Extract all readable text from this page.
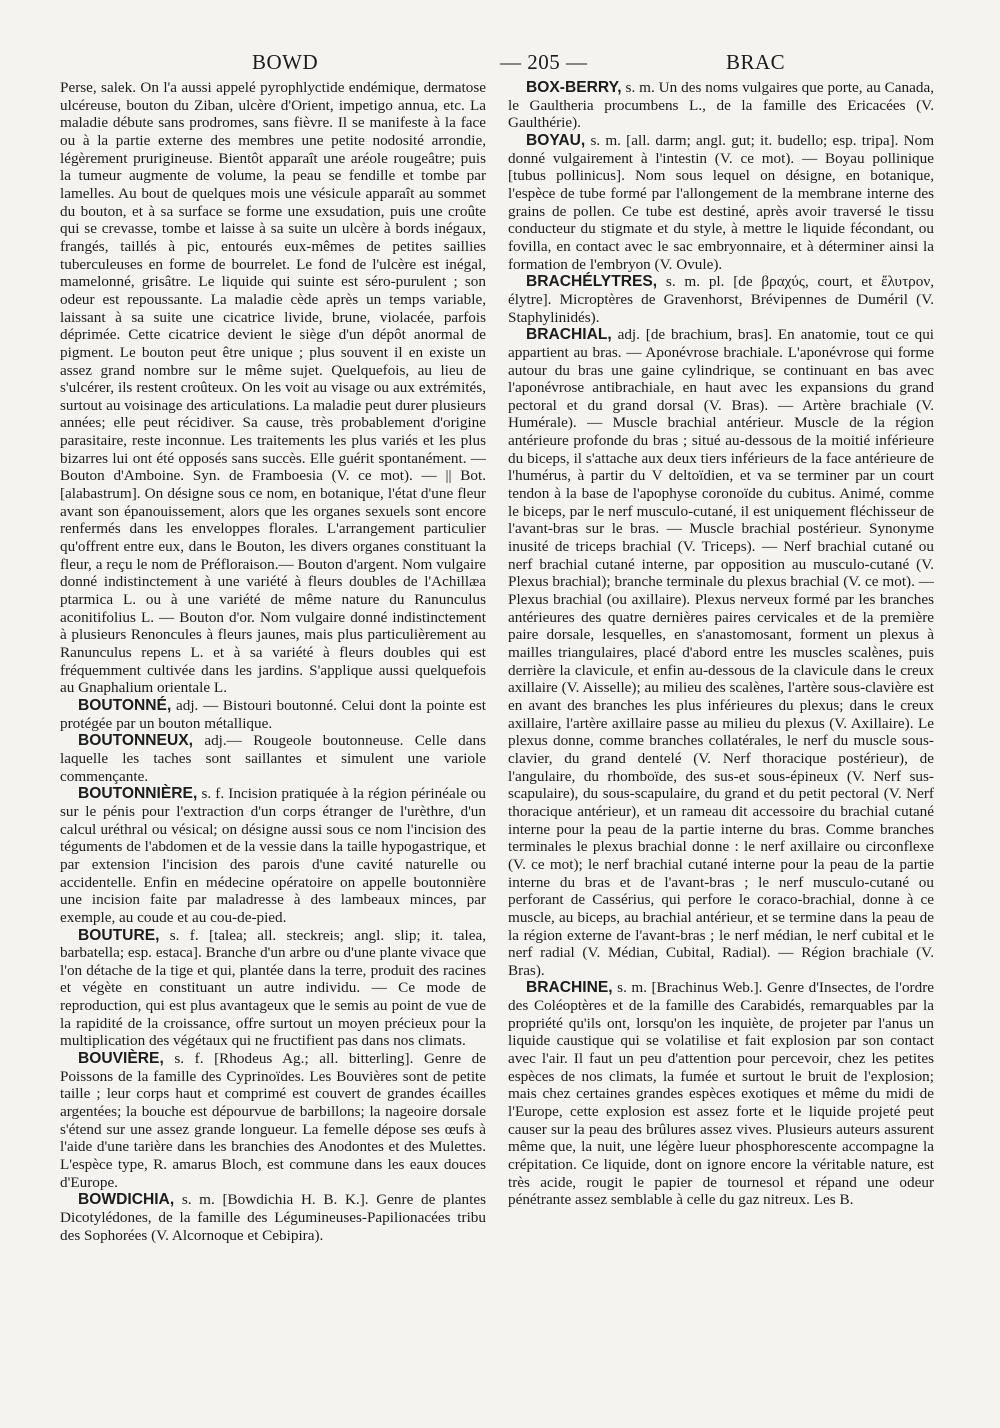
BOWD	— 205 —	BRAC

Perse, salek. On l'a aussi appelé pyrophlyctide endémique, dermatose ulcéreuse, bouton du Ziban, ulcère d'Orient, impetigo annua, etc. La maladie débute sans prodromes, sans fièvre. Il se manifeste à la face ou à la partie externe des membres une petite nodosité arrondie, légèrement prurigineuse. Bientôt apparaît une aréole rougeâtre; puis la tumeur augmente de volume, la peau se fendille et tombe par lamelles. Au bout de quelques mois une vésicule apparaît au sommet du bouton, et à sa surface se forme une exsudation, puis une croûte qui se crevasse, tombe et laisse à sa suite un ulcère à bords inégaux, frangés, taillés à pic, entourés eux-mêmes de petites saillies tuberculeuses en forme de bourrelet. Le fond de l'ulcère est inégal, mamelonné, grisâtre. Le liquide qui suinte est séro-purulent ; son odeur est repoussante. La maladie cède après un temps variable, laissant à sa suite une cicatrice livide, brune, violacée, parfois déprimée. Cette cicatrice devient le siège d'un dépôt anormal de pigment. Le bouton peut être unique ; plus souvent il en existe un assez grand nombre sur le même sujet. Quelquefois, au lieu de s'ulcérer, ils restent croûteux. On les voit au visage ou aux extrémités, surtout au voisinage des articulations. La maladie peut durer plusieurs années; elle peut récidiver. Sa cause, très probablement d'origine parasitaire, reste inconnue. Les traitements les plus variés et les plus bizarres lui ont été opposés sans succès. Elle guérit spontanément. — Bouton d'Amboine. Syn. de Framboesia (V. ce mot). — || Bot. [alabastrum]. On désigne sous ce nom, en botanique, l'état d'une fleur avant son épanouissement, alors que les organes sexuels sont encore renfermés dans les enveloppes florales. L'arrangement particulier qu'offrent entre eux, dans le Bouton, les divers organes constituant la fleur, a reçu le nom de Préfloraison.— Bouton d'argent. Nom vulgaire donné indistinctement à une variété à fleurs doubles de l'Achillæa ptarmica L. ou à une variété de même nature du Ranunculus aconitifolius L. — Bouton d'or. Nom vulgaire donné indistinctement à plusieurs Renoncules à fleurs jaunes, mais plus particulièrement au Ranunculus repens L. et à sa variété à fleurs doubles qui est fréquemment cultivée dans les jardins. S'applique aussi quelquefois au Gnaphalium orientale L.

BOUTONNÉ, adj. — Bistouri boutonné. Celui dont la pointe est protégée par un bouton métallique.

BOUTONNEUX, adj.— Rougeole boutonneuse. Celle dans laquelle les taches sont saillantes et simulent une variole commençante.

BOUTONNIÈRE, s. f. Incision pratiquée à la région périnéale ou sur le pénis pour l'extraction d'un corps étranger de l'urèthre, d'un calcul uréthral ou vésical; on désigne aussi sous ce nom l'incision des téguments de l'abdomen et de la vessie dans la taille hypogastrique, et par extension l'incision des parois d'une cavité naturelle ou accidentelle. Enfin en médecine opératoire on appelle boutonnière une incision faite par maladresse à des lambeaux minces, par exemple, au coude et au cou-de-pied.

BOUTURE, s. f. [talea; all. steckreis; angl. slip; it. talea, barbatella; esp. estaca]. Branche d'un arbre ou d'une plante vivace que l'on détache de la tige et qui, plantée dans la terre, produit des racines et végète en constituant un autre individu. — Ce mode de reproduction, qui est plus avantageux que le semis au point de vue de la rapidité de la croissance, offre surtout un moyen précieux pour la multiplication des végétaux qui ne fructifient pas dans nos climats.

BOUVIÈRE, s. f. [Rhodeus Ag.; all. bitterling]. Genre de Poissons de la famille des Cyprinoïdes. Les Bouvières sont de petite taille ; leur corps haut et comprimé est couvert de grandes écailles argentées; la bouche est dépourvue de barbillons; la nageoire dorsale s'étend sur une assez grande longueur. La femelle dépose ses œufs à l'aide d'une tarière dans les branchies des Anodontes et des Mulettes. L'espèce type, R. amarus Bloch, est commune dans les eaux douces d'Europe.

BOWDICHIA, s. m. [Bowdichia H. B. K.]. Genre de plantes Dicotylédones, de la famille des Légumineuses-Papilionacées tribu des Sophorées (V. Alcornoque et Cebipira).

BOX-BERRY, s. m. Un des noms vulgaires que porte, au Canada, le Gaultheria procumbens L., de la famille des Ericacées (V. Gaulthérie).

BOYAU, s. m. [all. darm; angl. gut; it. budello; esp. tripa]. Nom donné vulgairement à l'intestin (V. ce mot). — Boyau pollinique [tubus pollinicus]. Nom sous lequel on désigne, en botanique, l'espèce de tube formé par l'allongement de la membrane interne des grains de pollen. Ce tube est destiné, après avoir traversé le tissu conducteur du stigmate et du style, à mettre le liquide fécondant, ou fovilla, en contact avec le sac embryonnaire, et à déterminer ainsi la formation de l'embryon (V. Ovule).

BRACHÉLYTRES, s. m. pl. [de βραχύς, court, et ἔλυτρον, élytre]. Microptères de Gravenhorst, Brévipennes de Duméril (V. Staphylinidés).

BRACHIAL, adj. [de brachium, bras]. En anatomie, tout ce qui appartient au bras. — Aponévrose brachiale. L'aponévrose qui forme autour du bras une gaine cylindrique, se continuant en bas avec l'aponévrose antibrachiale, en haut avec les expansions du grand pectoral et du grand dorsal (V. Bras). — Artère brachiale (V. Humérale). — Muscle brachial antérieur. Muscle de la région antérieure profonde du bras ; situé au-dessous de la moitié inférieure du biceps, il s'attache aux deux tiers inférieurs de la face antérieure de l'humérus, à partir du V deltoïdien, et va se terminer par un court tendon à la base de l'apophyse coronoïde du cubitus. Animé, comme le biceps, par le nerf musculo-cutané, il est uniquement fléchisseur de l'avant-bras sur le bras. — Muscle brachial postérieur. Synonyme inusité de triceps brachial (V. Triceps). — Nerf brachial cutané ou nerf brachial cutané interne, par opposition au musculo-cutané (V. Plexus brachial); branche terminale du plexus brachial (V. ce mot). — Plexus brachial (ou axillaire). Plexus nerveux formé par les branches antérieures des quatre dernières paires cervicales et de la première paire dorsale, lesquelles, en s'anastomosant, forment un plexus à mailles triangulaires, placé d'abord entre les muscles scalènes, puis derrière la clavicule, et enfin au-dessous de la clavicule dans le creux axillaire (V. Aisselle); au milieu des scalènes, l'artère sous-clavière est en avant des branches les plus inférieures du plexus; dans le creux axillaire, l'artère axillaire passe au milieu du plexus (V. Axillaire). Le plexus donne, comme branches collatérales, le nerf du muscle sous-clavier, du grand dentelé (V. Nerf thoracique postérieur), de l'angulaire, du rhomboïde, des sus-et sous-épineux (V. Nerf sus-scapulaire), du sous-scapulaire, du grand et du petit pectoral (V. Nerf thoracique antérieur), et un rameau dit accessoire du brachial cutané interne pour la peau de la partie interne du bras. Comme branches terminales le plexus brachial donne : le nerf axillaire ou circonflexe (V. ce mot); le nerf brachial cutané interne pour la peau de la partie interne du bras et de l'avant-bras ; le nerf musculo-cutané ou perforant de Cassérius, qui perfore le coraco-brachial, donne à ce muscle, au biceps, au brachial antérieur, et se termine dans la peau de la région externe de l'avant-bras ; le nerf médian, le nerf cubital et le nerf radial (V. Médian, Cubital, Radial). — Région brachiale (V. Bras).

BRACHINE, s. m. [Brachinus Web.]. Genre d'Insectes, de l'ordre des Coléoptères et de la famille des Carabidés, remarquables par la propriété qu'ils ont, lorsqu'on les inquiète, de projeter par l'anus un liquide caustique qui se volatilise et fait explosion par son contact avec l'air. Il faut un peu d'attention pour percevoir, chez les petites espèces de nos climats, la fumée et surtout le bruit de l'explosion; mais chez certaines grandes espèces exotiques et même du midi de l'Europe, cette explosion est assez forte et le liquide projeté peut causer sur la peau des brûlures assez vives. Plusieurs auteurs assurent même que, la nuit, une légère lueur phosphorescente accompagne la crépitation. Ce liquide, dont on ignore encore la véritable nature, est très acide, rougit le papier de tournesol et répand une odeur pénétrante assez semblable à celle du gaz nitreux. Les B.
